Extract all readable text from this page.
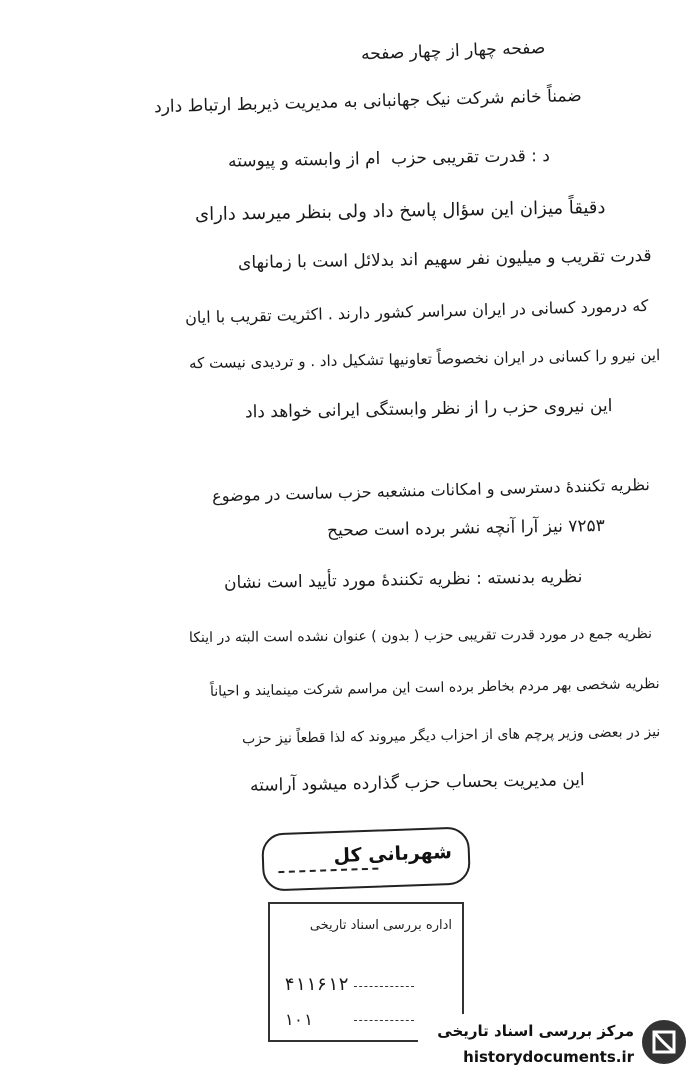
صفحه چهار از چهار صفحه
ضمناً خانم شرکت نیک جهانبانی به مدیریت ذیربط ارتباط دارد
د : قدرت تقریبی حزب ‌ ام از وابسته و پیوسته
دقیقاً میزان این سؤال پاسخ داد ولی بنظر میرسد دارای
قدرت تقریب و میلیون نفر سهیم اند بدلائل است با زمانهای
که درمورد کسانی در ایران سراسر کشور دارند . اکثریت تقریب با ایان
این نیرو را کسانی در ایران نخصوصاً تعاونیها تشکیل داد . و تردیدی نیست که
این نیروی حزب را از نظر وابستگی ایرانی خواهد داد
نظریه تکنندۀ دسترسی و امکانات منشعبه حزب ساست در موضوع
۷۲۵۳ نیز آرا آنچه نشر برده است صحیح
نظریه بدنسته : نظریه تکنندۀ مورد تأیید است نشان
نظریه جمع در مورد قدرت تقریبی حزب ( بدون ) عنوان نشده است البته در اینکا
نظریه شخصی بهر مردم بخاطر برده است این مراسم شرکت مینمایند و احیاناً
نیز در بعضی وزیر پرچم های از احزاب دیگر میروند که لذا قطعاً نیز حزب
این مدیریت بحساب حزب گذارده میشود آراسته
شهربانی کل
اداره بررسی اسناد تاریخی
۴۱۱۶۱۲
۱۰۱
مرکز بررسی اسناد تاریخی
historydocuments.ir
